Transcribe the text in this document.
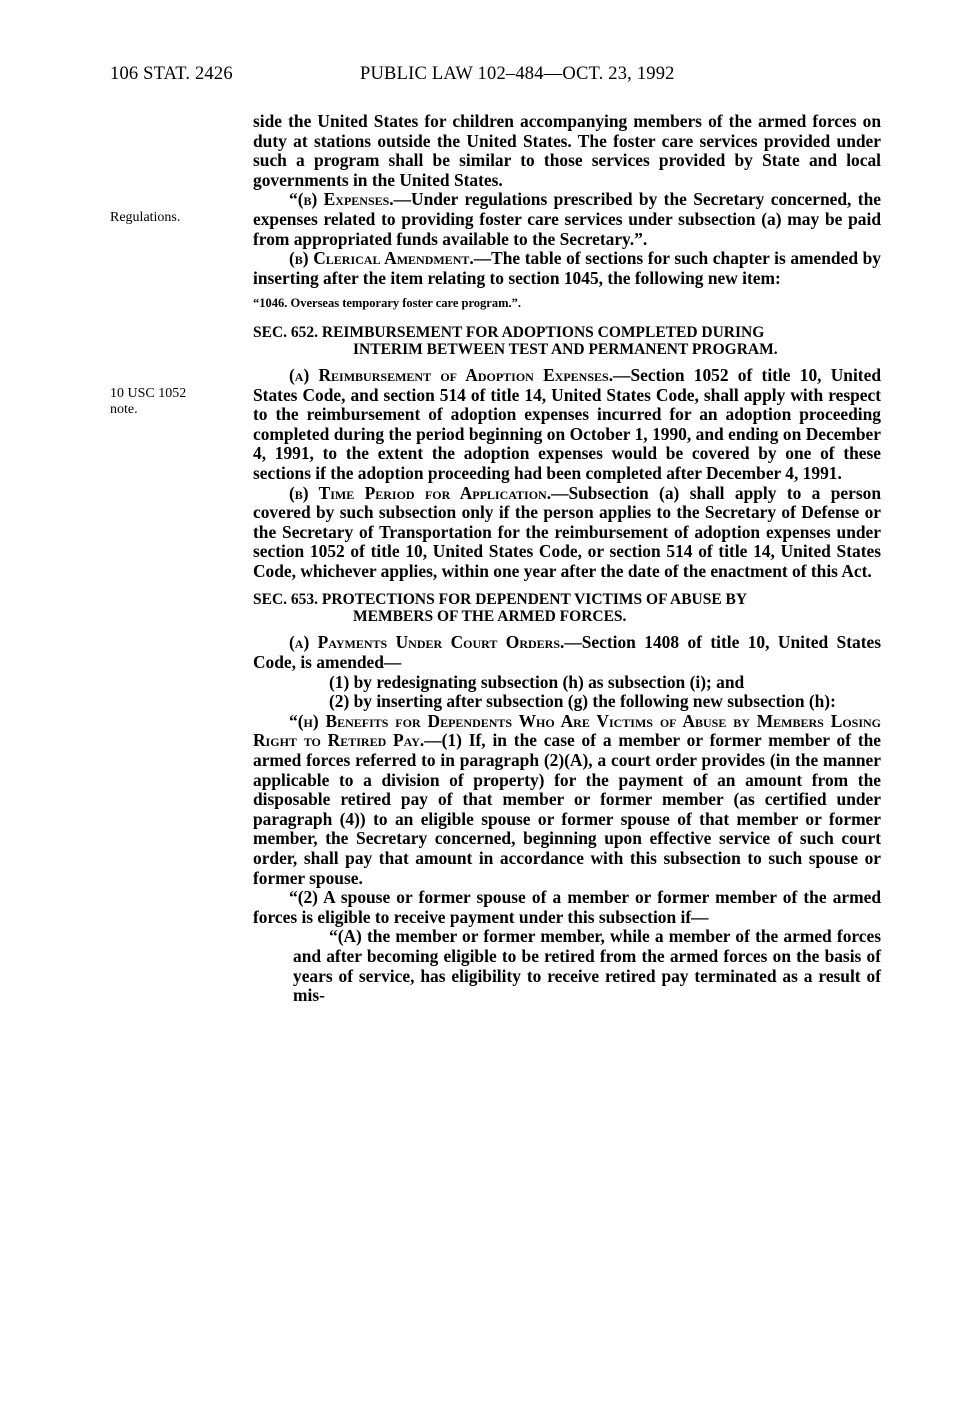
106 STAT. 2426	PUBLIC LAW 102–484—OCT. 23, 1992
Regulations.
10 USC 1052
note.

side the United States for children accompanying members of the armed forces on duty at stations outside the United States. The foster care services provided under such a program shall be similar to those services provided by State and local governments in the United States.

“(b) Expenses.—Under regulations prescribed by the Secretary concerned, the expenses related to providing foster care services under subsection (a) may be paid from appropriated funds available to the Secretary.”.

(b) Clerical Amendment.—The table of sections for such chapter is amended by inserting after the item relating to section 1045, the following new item:

“1046. Overseas temporary foster care program.”.

SEC. 652. REIMBURSEMENT FOR ADOPTIONS COMPLETED DURING
INTERIM BETWEEN TEST AND PERMANENT PROGRAM.

(a) Reimbursement of Adoption Expenses.—Section 1052 of title 10, United States Code, and section 514 of title 14, United States Code, shall apply with respect to the reimbursement of adoption expenses incurred for an adoption proceeding completed during the period beginning on October 1, 1990, and ending on December 4, 1991, to the extent the adoption expenses would be covered by one of these sections if the adoption proceeding had been completed after December 4, 1991.

(b) Time Period for Application.—Subsection (a) shall apply to a person covered by such subsection only if the person applies to the Secretary of Defense or the Secretary of Transportation for the reimbursement of adoption expenses under section 1052 of title 10, United States Code, or section 514 of title 14, United States Code, whichever applies, within one year after the date of the enactment of this Act.

SEC. 653. PROTECTIONS FOR DEPENDENT VICTIMS OF ABUSE BY
MEMBERS OF THE ARMED FORCES.

(a) Payments Under Court Orders.—Section 1408 of title 10, United States Code, is amended—

(1) by redesignating subsection (h) as subsection (i); and

(2) by inserting after subsection (g) the following new subsection (h):

“(h) Benefits for Dependents Who Are Victims of Abuse by Members Losing Right to Retired Pay.—(1) If, in the case of a member or former member of the armed forces referred to in paragraph (2)(A), a court order provides (in the manner applicable to a division of property) for the payment of an amount from the disposable retired pay of that member or former member (as certified under paragraph (4)) to an eligible spouse or former spouse of that member or former member, the Secretary concerned, beginning upon effective service of such court order, shall pay that amount in accordance with this subsection to such spouse or former spouse.

“(2) A spouse or former spouse of a member or former member of the armed forces is eligible to receive payment under this subsection if—

“(A) the member or former member, while a member of the armed forces and after becoming eligible to be retired from the armed forces on the basis of years of service, has eligibility to receive retired pay terminated as a result of mis-
